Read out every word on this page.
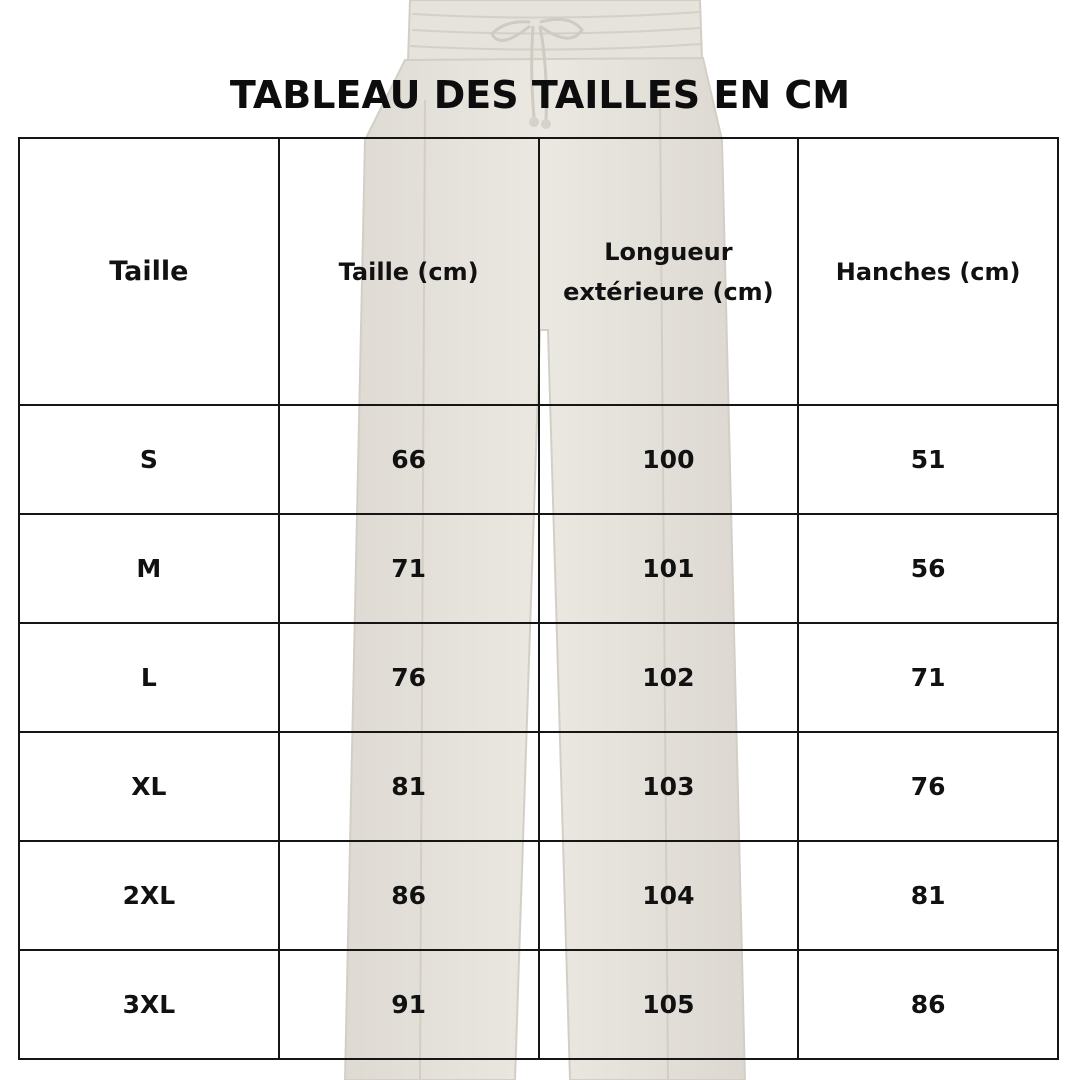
TABLEAU DES TAILLES EN CM
Taille	Taille (cm)	Longueur extérieure (cm)	Hanches (cm)
S	66	100	51
M	71	101	56
L	76	102	71
XL	81	103	76
2XL	86	104	81
3XL	91	105	86
